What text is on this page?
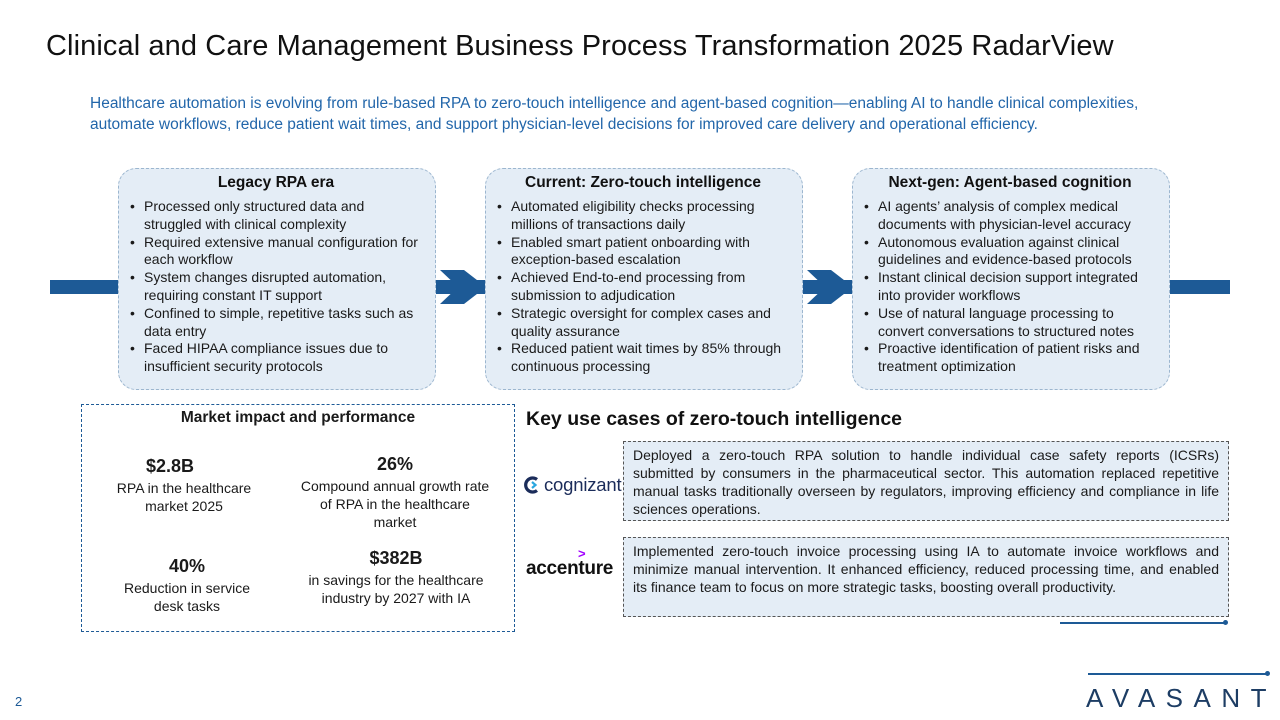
Clinical and Care Management Business Process Transformation 2025 RadarView
Healthcare automation is evolving from rule-based RPA to zero-touch intelligence and agent-based cognition—enabling AI to handle clinical complexities, automate workflows, reduce patient wait times, and support physician-level decisions for improved care delivery and operational efficiency.
Legacy RPA era
• Processed only structured data and struggled with clinical complexity
• Required extensive manual configuration for each workflow
• System changes disrupted automation, requiring constant IT support
• Confined to simple, repetitive tasks such as data entry
• Faced HIPAA compliance issues due to insufficient security protocols
Current: Zero-touch intelligence
• Automated eligibility checks processing millions of transactions daily
• Enabled smart patient onboarding with exception-based escalation
• Achieved End-to-end processing from submission to adjudication
• Strategic oversight for complex cases and quality assurance
• Reduced patient wait times by 85% through continuous processing
Next-gen: Agent-based cognition
• AI agents’ analysis of complex medical documents with physician-level accuracy
• Autonomous evaluation against clinical guidelines and evidence-based protocols
• Instant clinical decision support integrated into provider workflows
• Use of natural language processing to convert conversations to structured notes
• Proactive identification of patient risks and treatment optimization
Market impact and performance
$2.8B
RPA in the healthcare market 2025
26%
Compound annual growth rate of RPA in the healthcare market
40%
Reduction in service desk tasks
$382B
in savings for the healthcare industry by 2027 with IA
Key use cases of zero-touch intelligence
cognizant
Deployed a zero-touch RPA solution to handle individual case safety reports (ICSRs) submitted by consumers in the pharmaceutical sector. This automation replaced repetitive manual tasks traditionally overseen by regulators, improving efficiency and compliance in life sciences operations.
>
accenture
Implemented zero-touch invoice processing using IA to automate invoice workflows and minimize manual intervention. It enhanced efficiency, reduced processing time, and enabled its finance team to focus on more strategic tasks, boosting overall productivity.
2	AVASANT
